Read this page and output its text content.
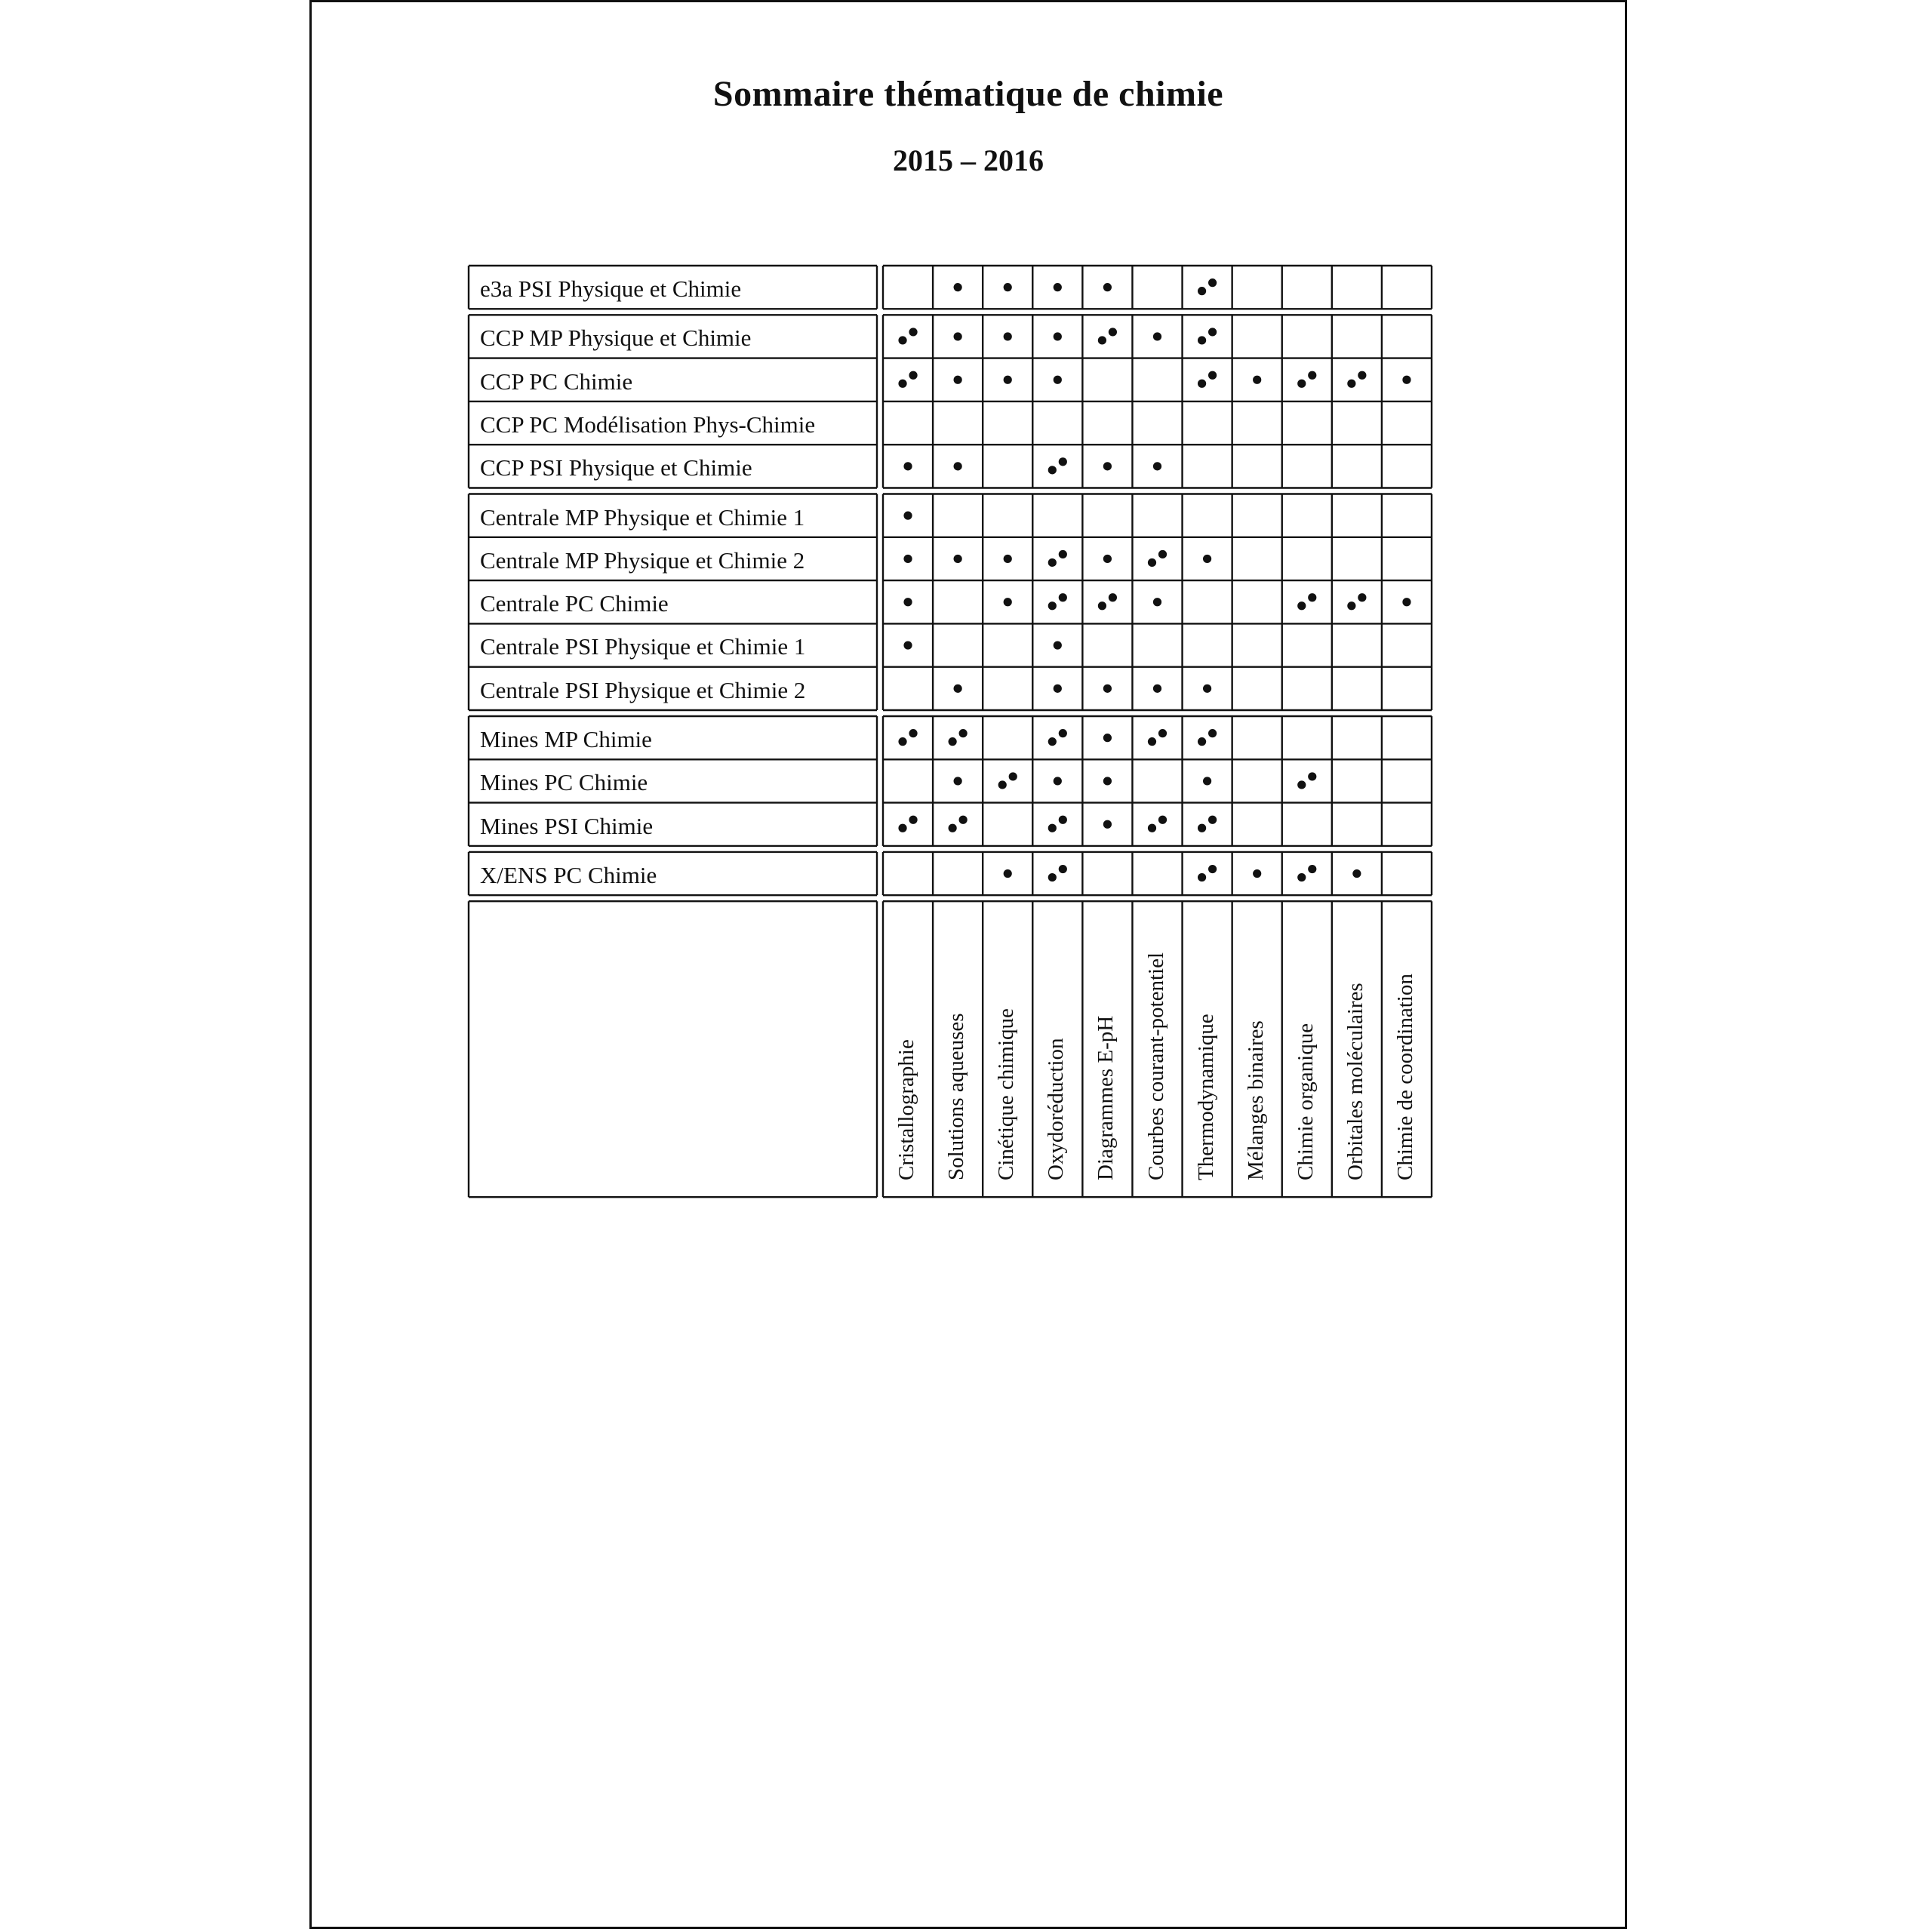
Sommaire thématique de chimie
2015 – 2016
e3a PSI Physique et Chimie
CCP MP Physique et Chimie
CCP PC Chimie
CCP PC Modélisation Phys-Chimie
CCP PSI Physique et Chimie
Centrale MP Physique et Chimie 1
Centrale MP Physique et Chimie 2
Centrale PC Chimie
Centrale PSI Physique et Chimie 1
Centrale PSI Physique et Chimie 2
Mines MP Chimie
Mines PC Chimie
Mines PSI Chimie
X/ENS PC Chimie
Cristallographie Solutions aqueuses Cinétique chimique Oxydoréduction Diagrammes E-pH Courbes courant-potentiel Thermodynamique Mélanges binaires Chimie organique Orbitales moléculaires Chimie de coordination
